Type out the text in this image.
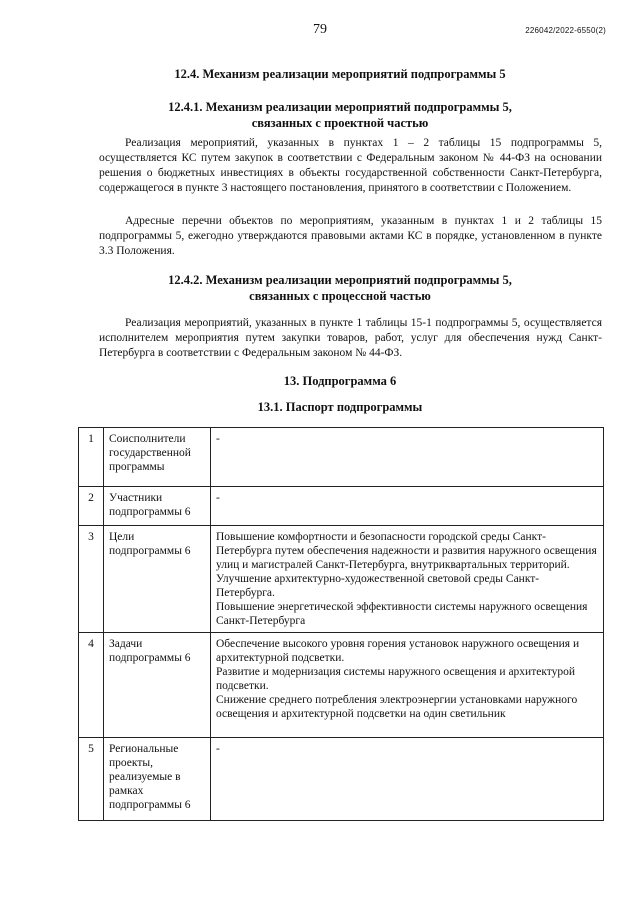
79	226042/2022-6550(2)
12.4. Механизм реализации мероприятий подпрограммы 5
12.4.1. Механизм реализации мероприятий подпрограммы 5,
связанных с проектной частью

Реализация мероприятий, указанных в пунктах 1 – 2 таблицы 15 подпрограммы 5, осуществляется КС путем закупок в соответствии с Федеральным законом № 44-ФЗ на основании решения о бюджетных инвестициях в объекты государственной собственности Санкт-Петербурга, содержащегося в пункте 3 настоящего постановления, принятого в соответствии с Положением.

Адресные перечни объектов по мероприятиям, указанным в пунктах 1 и 2 таблицы 15 подпрограммы 5, ежегодно утверждаются правовыми актами КС в порядке, установленном в пункте 3.3 Положения.

12.4.2. Механизм реализации мероприятий подпрограммы 5,
связанных с процессной частью

Реализация мероприятий, указанных в пункте 1 таблицы 15-1 подпрограммы 5, осуществляется исполнителем мероприятия путем закупки товаров, работ, услуг для обеспечения нужд Санкт-Петербурга в соответствии с Федеральным законом № 44-ФЗ.

13. Подпрограмма 6
13.1. Паспорт подпрограммы
1	Соисполнители государственной программы	-
2	Участники подпрограммы 6	-
3	Цели подпрограммы 6	Повышение комфортности и безопасности городской среды Санкт-Петербурга путем обеспечения надежности и развития наружного освещения улиц и магистралей Санкт-Петербурга, внутриквартальных территорий.
Улучшение архитектурно-художественной световой среды Санкт-Петербурга.
Повышение энергетической эффективности системы наружного освещения Санкт-Петербурга
4	Задачи подпрограммы 6	Обеспечение высокого уровня горения установок наружного освещения и архитектурной подсветки.
Развитие и модернизация системы наружного освещения и архитектурой подсветки.
Снижение среднего потребления электроэнергии установками наружного освещения и архитектурной подсветки на один светильник
5	Региональные проекты, реализуемые в рамках подпрограммы 6	-
